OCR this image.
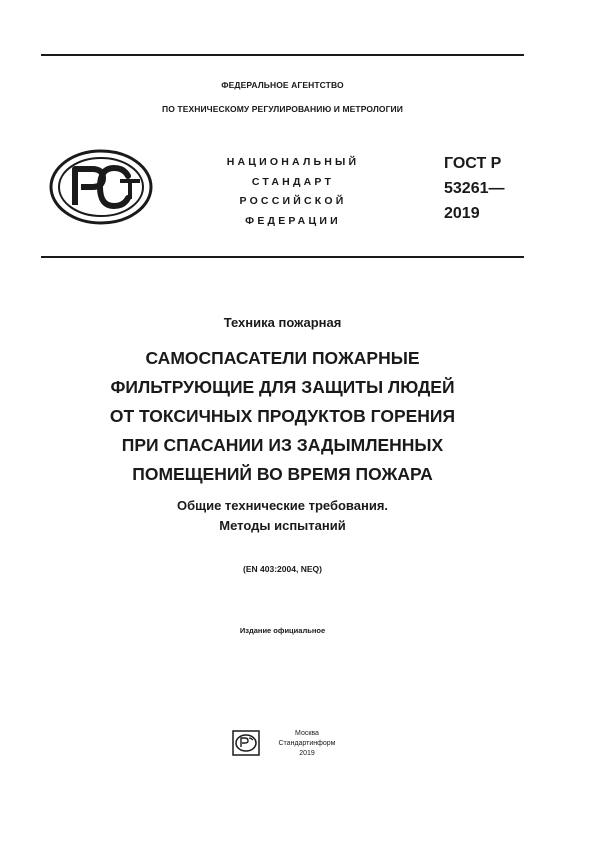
ФЕДЕРАЛЬНОЕ АГЕНТСТВО
ПО ТЕХНИЧЕСКОМУ РЕГУЛИРОВАНИЮ И МЕТРОЛОГИИ
НАЦИОНАЛЬНЫЙ
СТАНДАРТ
РОССИЙСКОЙ
ФЕДЕРАЦИИ
ГОСТ Р
53261—
2019
Техника пожарная
САМОСПАСАТЕЛИ ПОЖАРНЫЕ
ФИЛЬТРУЮЩИЕ ДЛЯ ЗАЩИТЫ ЛЮДЕЙ
ОТ ТОКСИЧНЫХ ПРОДУКТОВ ГОРЕНИЯ
ПРИ СПАСАНИИ ИЗ ЗАДЫМЛЕННЫХ
ПОМЕЩЕНИЙ ВО ВРЕМЯ ПОЖАРА
Общие технические требования.
Методы испытаний
(EN 403:2004, NEQ)
Издание официальное
Москва
Стандартинформ
2019
